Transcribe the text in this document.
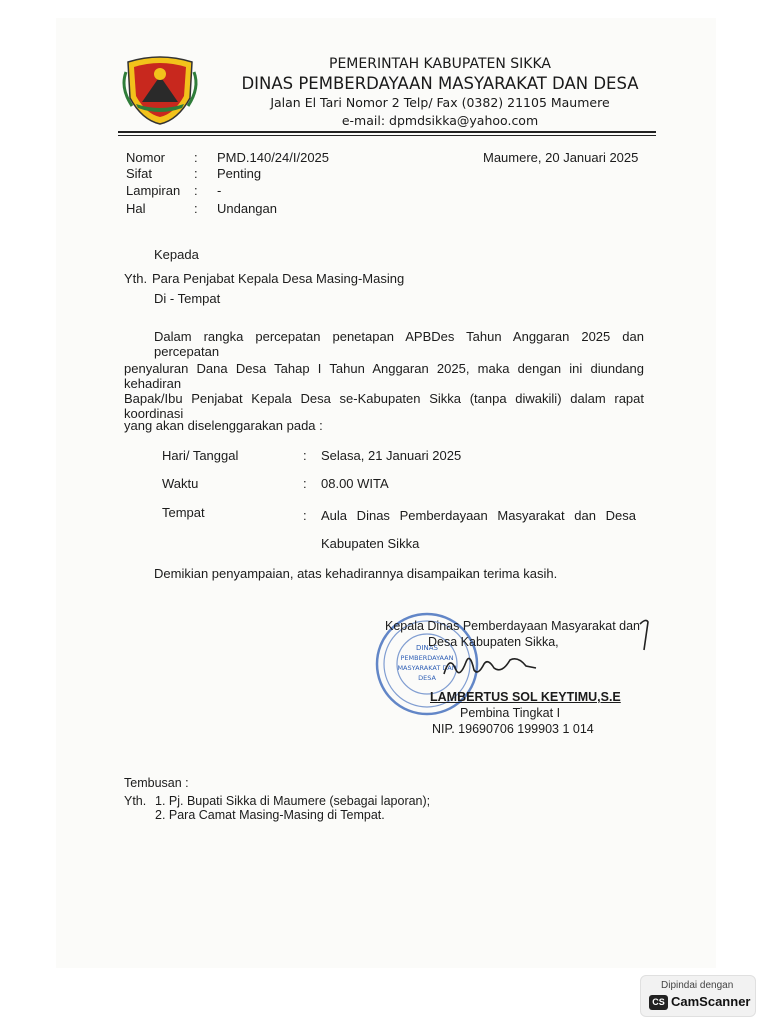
PEMERINTAH KABUPATEN SIKKA
DINAS PEMBERDAYAAN MASYARAKAT DAN DESA
Jalan El Tari Nomor 2 Telp/ Fax (0382) 21105 Maumere
e-mail: dpmdsikka@yahoo.com
Nomor : PMD.140/24/I/2025
Sifat	: Penting
Lampiran : -
Hal	: Undangan
Maumere, 20 Januari 2025
Kepada
Yth. Para Penjabat Kepala Desa Masing-Masing
Di - Tempat
Dalam rangka percepatan penetapan APBDes Tahun Anggaran 2025 dan percepatan
penyaluran Dana Desa Tahap I Tahun Anggaran 2025, maka dengan ini diundang kehadiran
Bapak/Ibu Penjabat Kepala Desa se-Kabupaten Sikka (tanpa diwakili) dalam rapat koordinasi
yang akan diselenggarakan pada :
Hari/ Tanggal	: Selasa, 21 Januari 2025
Waktu	: 08.00 WITA
Tempat	: Aula Dinas Pemberdayaan Masyarakat dan Desa
Kabupaten Sikka
Demikian penyampaian, atas kehadirannya disampaikan terima kasih.
DINAS
PEMBERDAYAAN
MASYARAKAT DAN
DESA
Kepala Dinas Pemberdayaan Masyarakat dan
Desa Kabupaten Sikka,
LAMBERTUS SOL KEYTIMU,S.E
Pembina Tingkat I
NIP. 19690706 199903 1 014
Tembusan :
Yth. 1. Pj. Bupati Sikka di Maumere (sebagai laporan);
2. Para Camat Masing-Masing di Tempat.
Dipindai dengan
CS CamScanner
